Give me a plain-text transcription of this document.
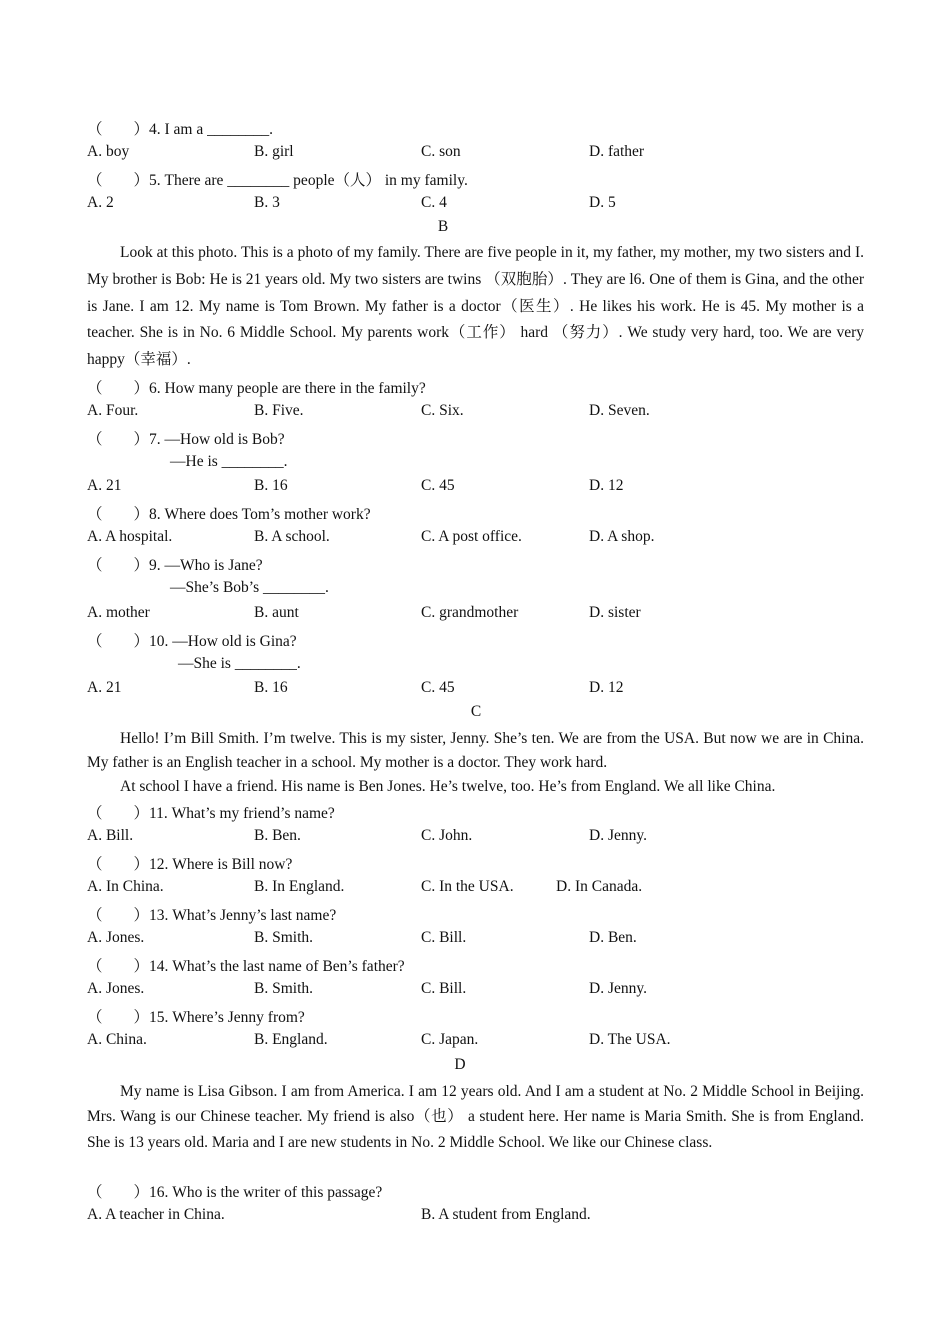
（　　）4. I am a ________.
A. boy	B. girl	C. son	D. father
（　　）5. There are ________ people（人） in my family.
A. 2	B. 3	C. 4	D. 5
B
Look at this photo. This is a photo of my family. There are five people in it, my father, my mother, my two sisters and I. My brother is Bob: He is 21 years old. My two sisters are twins （双胞胎）. They are l6. One of them is Gina, and the other is Jane. I am 12. My name is Tom Brown. My father is a doctor（医生）. He likes his work. He is 45. My mother is a teacher. She is in No. 6 Middle School. My parents work（工作） hard （努力）. We study very hard, too. We are very happy（幸福）.
（　　）6. How many people are there in the family?
A. Four.	B. Five.	C. Six.	D. Seven.
（　　）7. —How old is Bob?
—He is ________.
A. 21	B. 16	C. 45	D. 12
（　　）8. Where does Tom’s mother work?
A. A hospital.	B. A school.	C. A post office.	D. A shop.
（　　）9. —Who is Jane?
—She’s Bob’s ________.
A. mother	B. aunt	C. grandmother	D. sister
（　　）10. —How old is Gina?
—She is ________.
A. 21	B. 16	C. 45	D. 12
C
Hello! I’m Bill Smith. I’m twelve. This is my sister, Jenny. She’s ten. We are from the USA. But now we are in China. My father is an English teacher in a school. My mother is a doctor. They work hard.
At school I have a friend. His name is Ben Jones. He’s twelve, too. He’s from England. We all like China.
（　　）11. What’s my friend’s name?
A. Bill.	B. Ben.	C. John.	D. Jenny.
（　　）12. Where is Bill now?
A. In China.	B. In England.	C. In the USA.	D. In Canada.
（　　）13. What’s Jenny’s last name?
A. Jones.	B. Smith.	C. Bill.	D. Ben.
（　　）14. What’s the last name of Ben’s father?
A. Jones.	B. Smith.	C. Bill.	D. Jenny.
（　　）15. Where’s Jenny from?
A. China.	B. England.	C. Japan.	D. The USA.
D
My name is Lisa Gibson. I am from America. I am 12 years old. And I am a student at No. 2 Middle School in Beijing. Mrs. Wang is our Chinese teacher. My friend is also（也） a student here. Her name is Maria Smith. She is from England. She is 13 years old. Maria and I are new students in No. 2 Middle School. We like our Chinese class.
（　　）16. Who is the writer of this passage?
A. A teacher in China.	B. A student from England.
